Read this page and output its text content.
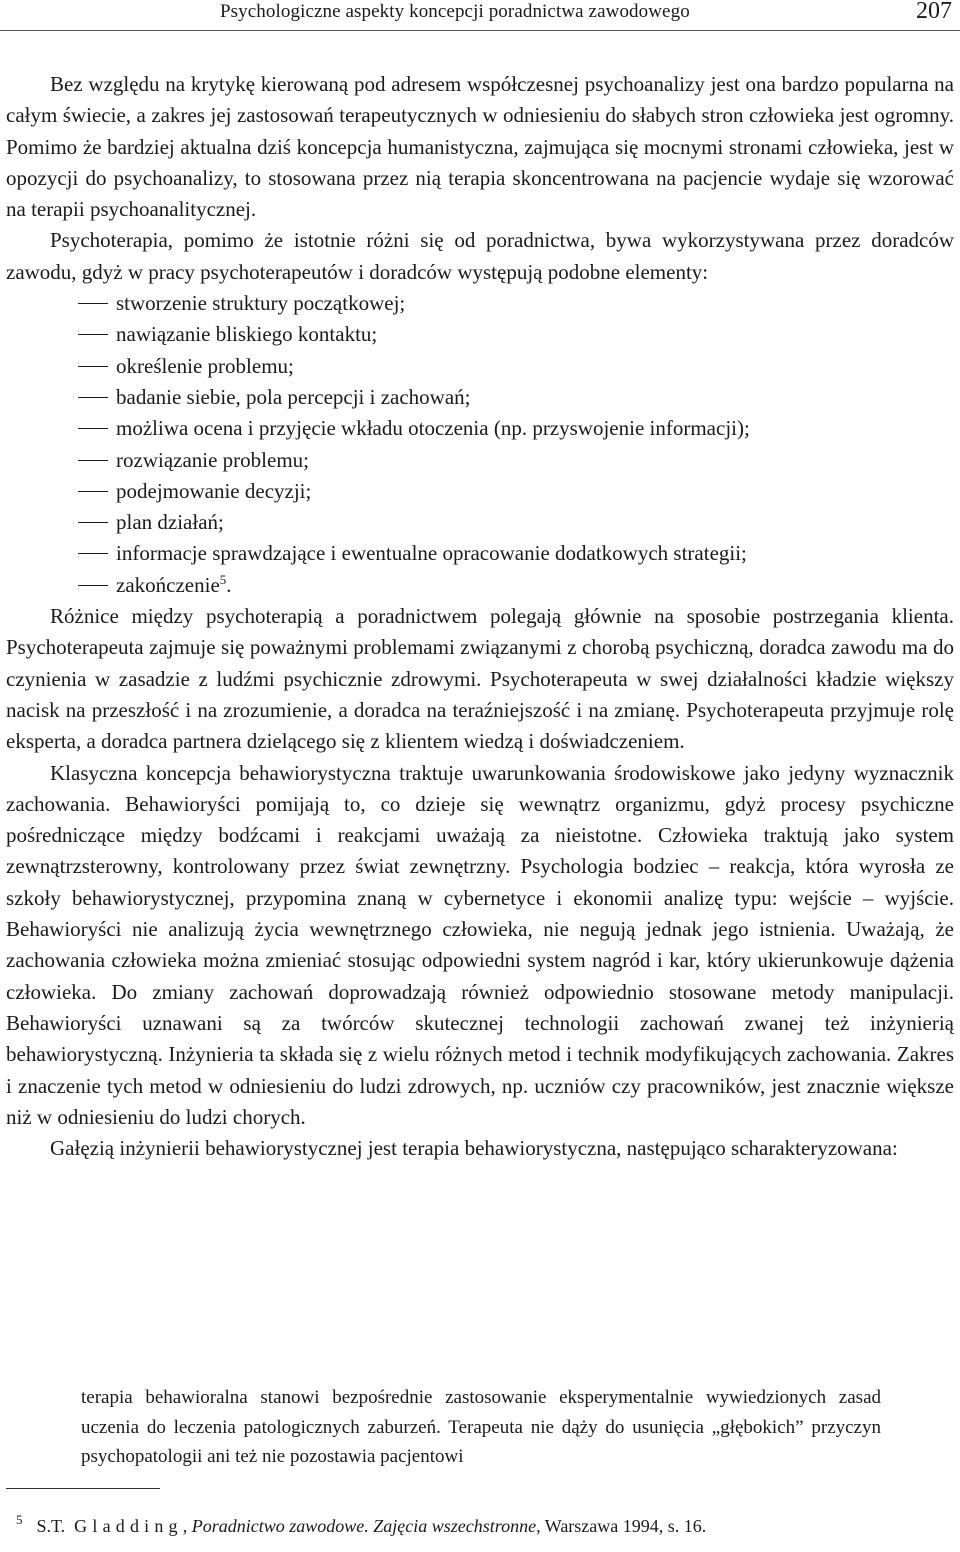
Psychologiczne aspekty koncepcji poradnictwa zawodowego	207

Bez względu na krytykę kierowaną pod adresem współczesnej psychoanalizy jest ona bardzo popularna na całym świecie, a zakres jej zastosowań terapeutycznych w odniesieniu do słabych stron człowieka jest ogromny. Pomimo że bardziej aktualna dziś koncepcja humanistyczna, zajmująca się mocnymi stronami człowieka, jest w opozycji do psychoanalizy, to stosowana przez nią terapia skoncentrowana na pacjencie wydaje się wzorować na terapii psychoanalitycznej.

Psychoterapia, pomimo że istotnie różni się od poradnictwa, bywa wykorzystywana przez doradców zawodu, gdyż w pracy psychoterapeutów i doradców występują podobne elementy:

stworzenie struktury początkowej;
nawiązanie bliskiego kontaktu;
określenie problemu;
badanie siebie, pola percepcji i zachowań;
możliwa ocena i przyjęcie wkładu otoczenia (np. przyswojenie informacji);
rozwiązanie problemu;
podejmowanie decyzji;
plan działań;
informacje sprawdzające i ewentualne opracowanie dodatkowych strategii;
zakończenie$^5$.

Różnice między psychoterapią a poradnictwem polegają głównie na sposobie postrzegania klienta. Psychoterapeuta zajmuje się poważnymi problemami związanymi z chorobą psychiczną, doradca zawodu ma do czynienia w zasadzie z ludźmi psychicznie zdrowymi. Psychoterapeuta w swej działalności kładzie większy nacisk na przeszłość i na zrozumienie, a doradca na teraźniejszość i na zmianę. Psychoterapeuta przyjmuje rolę eksperta, a doradca partnera dzielącego się z klientem wiedzą i doświadczeniem.

Klasyczna koncepcja behawiorystyczna traktuje uwarunkowania środowiskowe jako jedyny wyznacznik zachowania. Behawioryści pomijają to, co dzieje się wewnątrz organizmu, gdyż procesy psychiczne pośredniczące między bodźcami i reakcjami uważają za nieistotne. Człowieka traktują jako system zewnątrzsterowny, kontrolowany przez świat zewnętrzny. Psychologia bodziec – reakcja, która wyrosła ze szkoły behawiorystycznej, przypomina znaną w cybernetyce i ekonomii analizę typu: wejście – wyjście. Behawioryści nie analizują życia wewnętrznego człowieka, nie negują jednak jego istnienia. Uważają, że zachowania człowieka można zmieniać stosując odpowiedni system nagród i kar, który ukierunkowuje dążenia człowieka. Do zmiany zachowań doprowadzają również odpowiednio stosowane metody manipulacji. Behawioryści uznawani są za twórców skutecznej technologii zachowań zwanej też inżynierią behawiorystyczną. Inżynieria ta składa się z wielu różnych metod i technik modyfikujących zachowania. Zakres i znaczenie tych metod w odniesieniu do ludzi zdrowych, np. uczniów czy pracowników, jest znacznie większe niż w odniesieniu do ludzi chorych.

Gałęzią inżynierii behawiorystycznej jest terapia behawiorystyczna, następująco scharakteryzowana:

terapia behawioralna stanowi bezpośrednie zastosowanie eksperymentalnie wywiedzionych zasad uczenia do leczenia patologicznych zaburzeń. Terapeuta nie dąży do usunięcia „głębokich” przyczyn psychopatologii ani też nie pozostawia pacjentowi
$^5$ S.T. Gladding, Poradnictwo zawodowe. Zajęcia wszechstronne, Warszawa 1994, s. 16.
